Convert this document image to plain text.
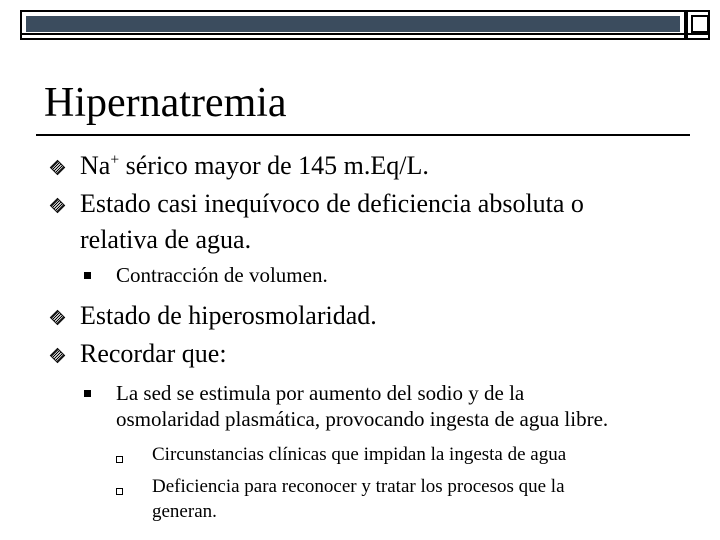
Hipernatremia
Na+ sérico mayor de 145 m.Eq/L.
Estado casi inequívoco de deficiencia absoluta o
relativa de agua.
Contracción de volumen.
Estado de hiperosmolaridad.
Recordar que:
La sed se estimula por aumento del sodio y de la
osmolaridad plasmática, provocando ingesta de agua libre.
Circunstancias clínicas que impidan la ingesta de agua
Deficiencia para reconocer y tratar los procesos que la
generan.
